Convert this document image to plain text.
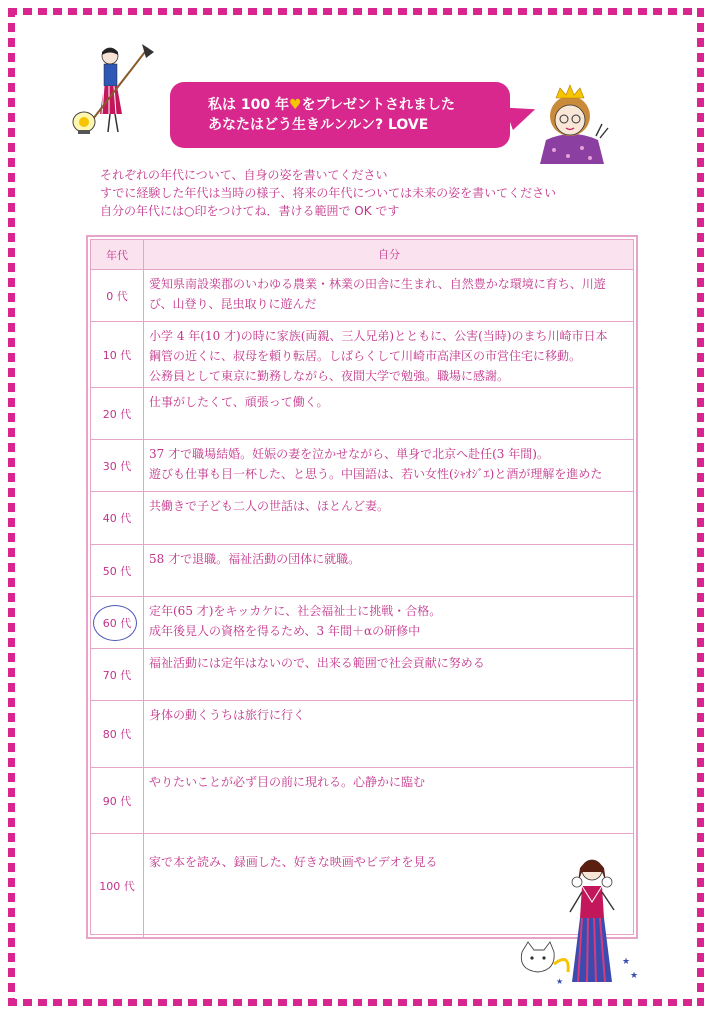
私は 100 年♥をプレゼントされました
あなたはどう生きルンルン? LOVE
それぞれの年代について、自身の姿を書いてください
すでに経験した年代は当時の様子、将来の年代については未来の姿を書いてください
自分の年代には○印をつけてね．書ける範囲で OK です
年代	自分
0 代
愛知県南設楽郡のいわゆる農業・林業の田舎に生まれ、自然豊かな環境に育ち、川遊
び、山登り、昆虫取りに遊んだ
10 代
小学 4 年(10 才)の時に家族(両親、三人兄弟)とともに、公害(当時)のまち川崎市日本
鋼管の近くに、叔母を頼り転居。しばらくして川崎市高津区の市営住宅に移動。
公務員として東京に勤務しながら、夜間大学で勉強。職場に感謝。
20 代
仕事がしたくて、頑張って働く。
30 代
37 才で職場結婚。妊娠の妻を泣かせながら、単身で北京へ赴任(3 年間)。
遊びも仕事も目一杯した、と思う。中国語は、若い女性(ｼｬｵｼﾞｴ)と酒が理解を進めた
40 代
共働きで子ども二人の世話は、ほとんど妻。
50 代
58 才で退職。福祉活動の団体に就職。
60 代
定年(65 才)をキッカケに、社会福祉士に挑戦・合格。
成年後見人の資格を得るため、3 年間＋αの研修中
70 代
福祉活動には定年はないので、出来る範囲で社会貢献に努める
80 代
身体の動くうちは旅行に行く
90 代
やりたいことが必ず目の前に現れる。心静かに臨む
100 代
家で本を読み、録画した、好きな映画やビデオを見る
★
★
★
